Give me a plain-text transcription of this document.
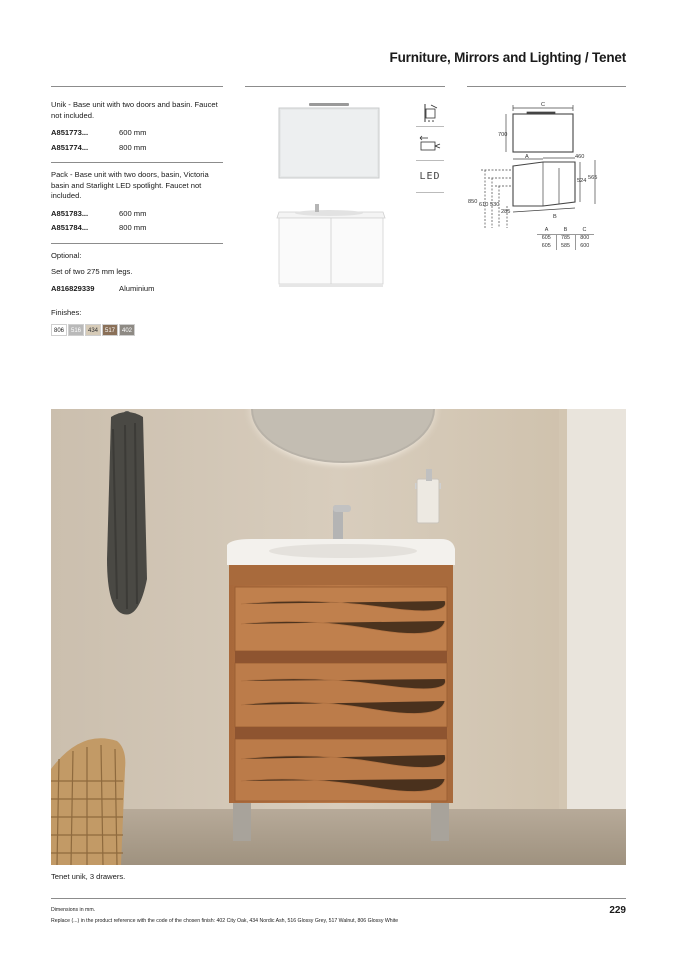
Furniture, Mirrors and Lighting / Tenet

Unik - Base unit with two doors and basin. Faucet not included.

A851773...	600 mm
A851774...	800 mm

Pack - Base unit with two doors, basin, Victoria basin and Starlight LED spotlight. Faucet not included.

A851783...	600 mm
A851784...	800 mm

Optional:

Set of two 275 mm legs.

A816829339	Aluminium

Finishes:

806	516	434	517	402
LED
C
700
A	460
565
524
850 610 530
285
B
A	B	C
605	785	800
605	585	600
Tenet unik, 3 drawers.
Dimensions in mm.
Replace (...) in the product reference with the code of the chosen finish: 402 City Oak, 434 Nordic Ash, 516 Glossy Grey, 517 Walnut, 806 Glossy White
229
